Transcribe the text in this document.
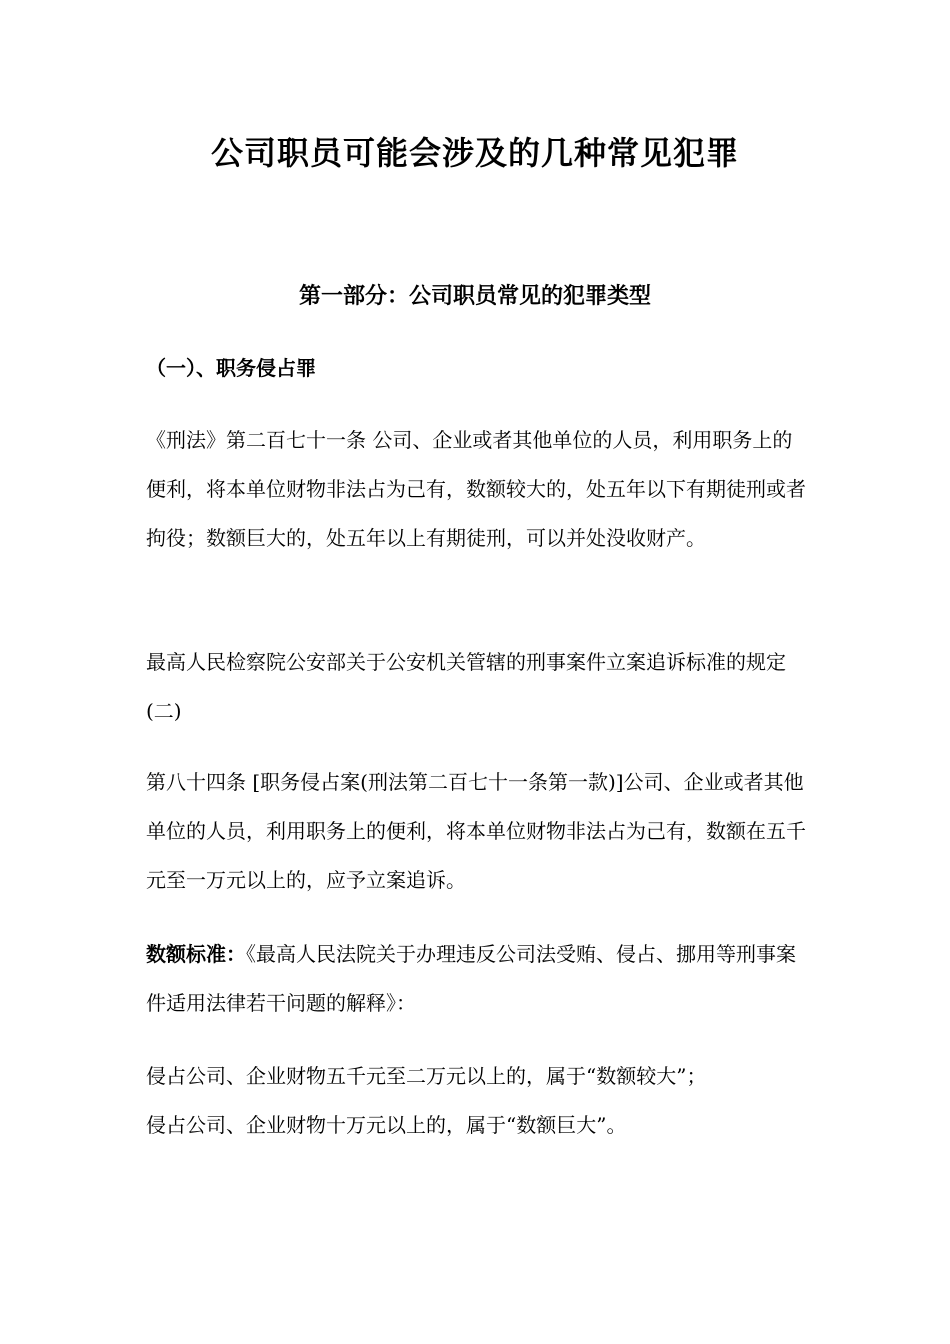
公司职员可能会涉及的几种常见犯罪
第一部分：公司职员常见的犯罪类型
（一）、职务侵占罪

《刑法》第二百七十一条 公司、企业或者其他单位的人员，利用职务上的便利，将本单位财物非法占为己有，数额较大的，处五年以下有期徒刑或者拘役；数额巨大的，处五年以上有期徒刑，可以并处没收财产。

最高人民检察院公安部关于公安机关管辖的刑事案件立案追诉标准的规定(二)

第八十四条 [职务侵占案(刑法第二百七十一条第一款)]公司、企业或者其他单位的人员，利用职务上的便利，将本单位财物非法占为己有，数额在五千元至一万元以上的，应予立案追诉。

数额标准：《最高人民法院关于办理违反公司法受贿、侵占、挪用等刑事案件适用法律若干问题的解释》：

侵占公司、企业财物五千元至二万元以上的，属于“数额较大”；
侵占公司、企业财物十万元以上的，属于“数额巨大”。
